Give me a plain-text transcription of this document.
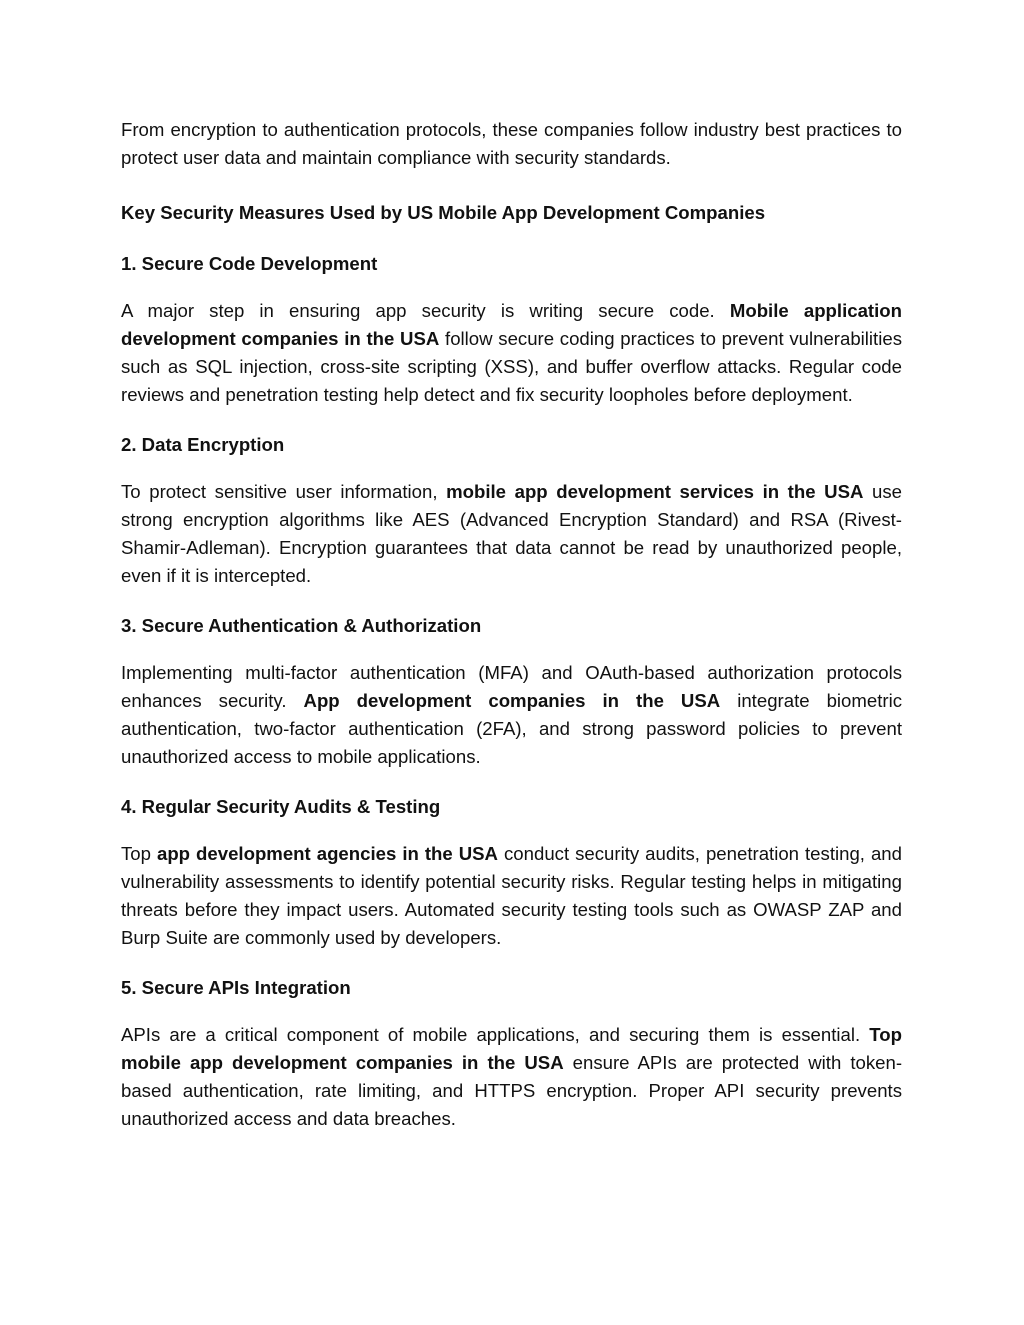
From encryption to authentication protocols, these companies follow industry best practices to protect user data and maintain compliance with security standards.

Key Security Measures Used by US Mobile App Development Companies

1. Secure Code Development

A major step in ensuring app security is writing secure code. Mobile application development companies in the USA follow secure coding practices to prevent vulnerabilities such as SQL injection, cross-site scripting (XSS), and buffer overflow attacks. Regular code reviews and penetration testing help detect and fix security loopholes before deployment.

2. Data Encryption

To protect sensitive user information, mobile app development services in the USA use strong encryption algorithms like AES (Advanced Encryption Standard) and RSA (Rivest-Shamir-Adleman). Encryption guarantees that data cannot be read by unauthorized people, even if it is intercepted.

3. Secure Authentication & Authorization

Implementing multi-factor authentication (MFA) and OAuth-based authorization protocols enhances security. App development companies in the USA integrate biometric authentication, two-factor authentication (2FA), and strong password policies to prevent unauthorized access to mobile applications.

4. Regular Security Audits & Testing

Top app development agencies in the USA conduct security audits, penetration testing, and vulnerability assessments to identify potential security risks. Regular testing helps in mitigating threats before they impact users. Automated security testing tools such as OWASP ZAP and Burp Suite are commonly used by developers.

5. Secure APIs Integration

APIs are a critical component of mobile applications, and securing them is essential. Top mobile app development companies in the USA ensure APIs are protected with token-based authentication, rate limiting, and HTTPS encryption. Proper API security prevents unauthorized access and data breaches.
